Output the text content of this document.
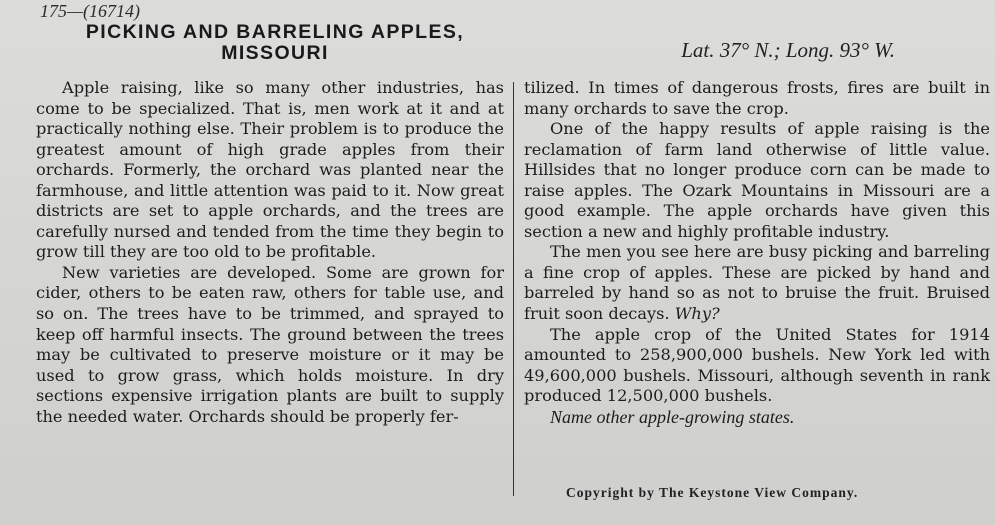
175—(16714)
PICKING AND BARRELING APPLES,
MISSOURI	Lat. 37° N.; Long. 93° W.

Apple raising, like so many other industries, has come to be specialized. That is, men work at it and at practically nothing else. Their problem is to produce the greatest amount of high grade apples from their orchards. Formerly, the orchard was planted near the farmhouse, and little attention was paid to it. Now great districts are set to apple orchards, and the trees are carefully nursed and tended from the time they begin to grow till they are too old to be profitable.

New varieties are developed. Some are grown for cider, others to be eaten raw, others for table use, and so on. The trees have to be trimmed, and sprayed to keep off harmful insects. The ground between the trees may be cultivated to preserve moisture or it may be used to grow grass, which holds moisture. In dry sections expensive irrigation plants are built to supply the needed water. Orchards should be properly fer-

tilized. In times of dangerous frosts, fires are built in many orchards to save the crop.

One of the happy results of apple raising is the reclamation of farm land otherwise of little value. Hillsides that no longer produce corn can be made to raise apples. The Ozark Mountains in Missouri are a good example. The apple orchards have given this section a new and highly profitable industry.

The men you see here are busy picking and barreling a fine crop of apples. These are picked by hand and barreled by hand so as not to bruise the fruit. Bruised fruit soon decays. Why?

The apple crop of the United States for 1914 amounted to 258,900,000 bushels. New York led with 49,600,000 bushels. Missouri, although seventh in rank produced 12,500,000 bushels.

Name other apple-growing states.

Copyright by The Keystone View Company.
